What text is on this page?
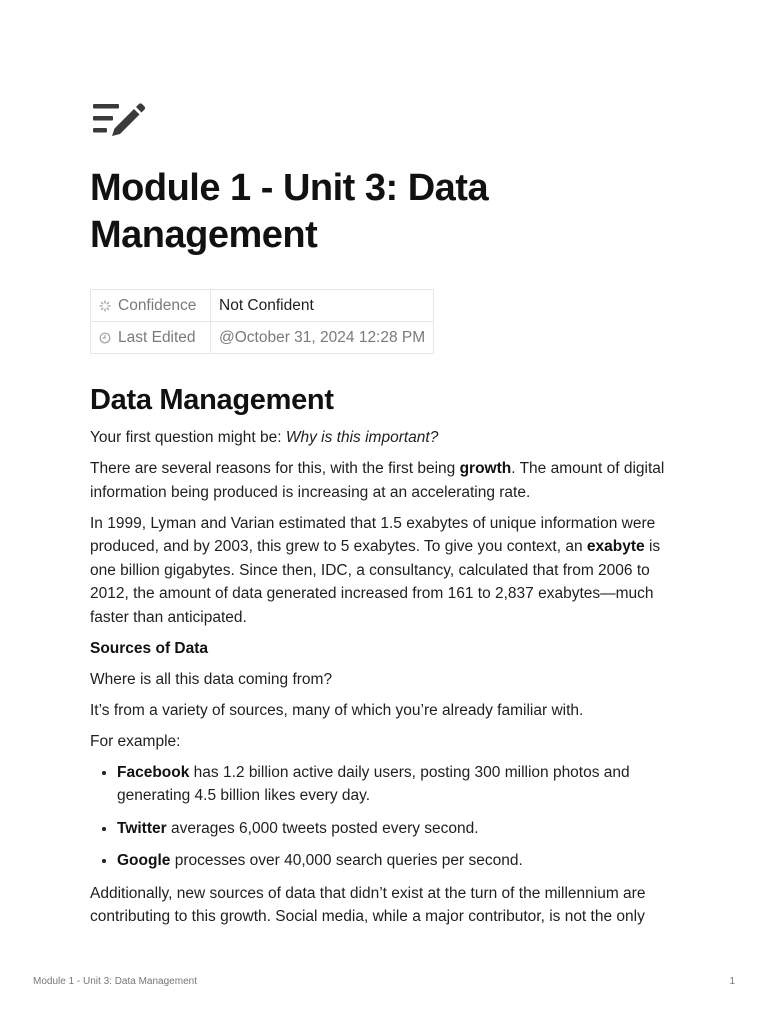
Module 1 - Unit 3: Data Management
Confidence	Not Confident
Last Edited	@October 31, 2024 12:28 PM
Data Management

Your first question might be: Why is this important?

There are several reasons for this, with the first being growth. The amount of digital information being produced is increasing at an accelerating rate.

In 1999, Lyman and Varian estimated that 1.5 exabytes of unique information were produced, and by 2003, this grew to 5 exabytes. To give you context, an exabyte is one billion gigabytes. Since then, IDC, a consultancy, calculated that from 2006 to 2012, the amount of data generated increased from 161 to 2,837 exabytes—much faster than anticipated.

Sources of Data

Where is all this data coming from?

It’s from a variety of sources, many of which you’re already familiar with.

For example:

• Facebook has 1.2 billion active daily users, posting 300 million photos and generating 4.5 billion likes every day.
• Twitter averages 6,000 tweets posted every second.
• Google processes over 40,000 search queries per second.

Additionally, new sources of data that didn’t exist at the turn of the millennium are contributing to this growth. Social media, while a major contributor, is not the only

Module 1 - Unit 3: Data Management	1
